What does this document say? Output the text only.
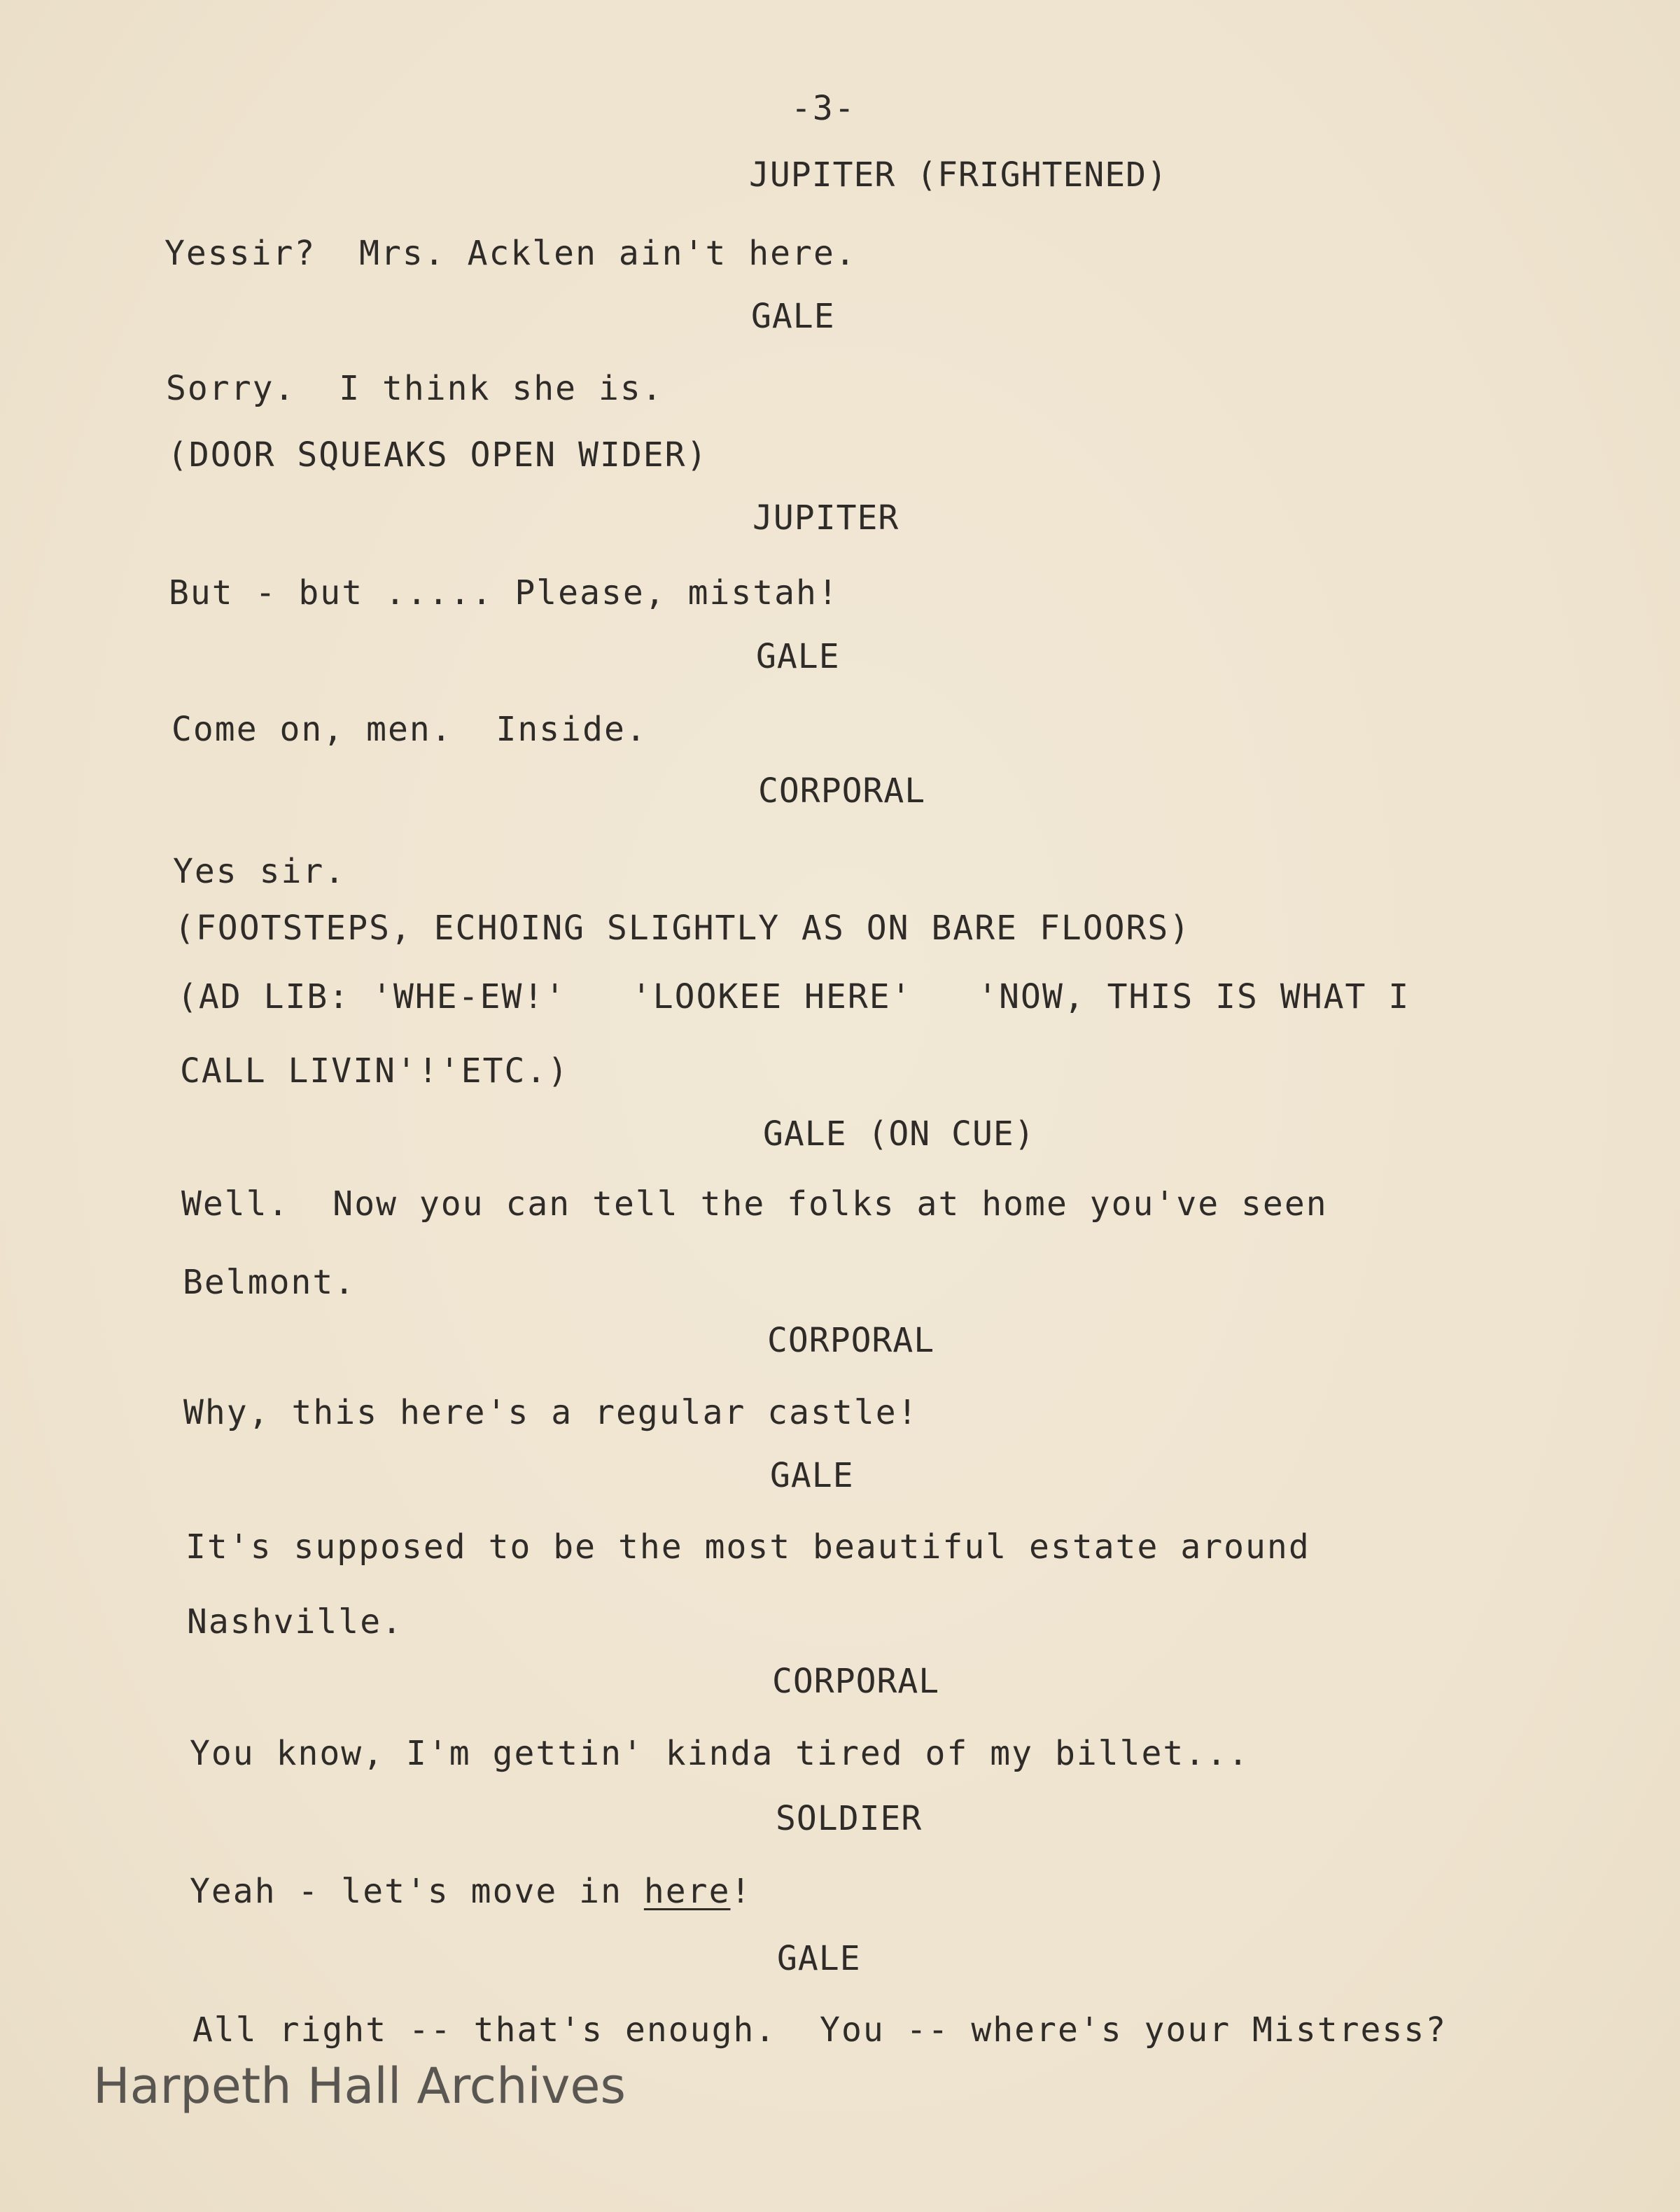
-3-
JUPITER (FRIGHTENED)
Yessir?  Mrs. Acklen ain't here.
GALE
Sorry.  I think she is.
(DOOR SQUEAKS OPEN WIDER)
JUPITER
But - but ..... Please, mistah!
GALE
Come on, men.  Inside.
CORPORAL
Yes sir.
(FOOTSTEPS, ECHOING SLIGHTLY AS ON BARE FLOORS)
(AD LIB: 'WHE-EW!'   'LOOKEE HERE'   'NOW, THIS IS WHAT I
CALL LIVIN'!'ETC.)
GALE (ON CUE)
Well.  Now you can tell the folks at home you've seen
Belmont.
CORPORAL
Why, this here's a regular castle!
GALE
It's supposed to be the most beautiful estate around
Nashville.
CORPORAL
You know, I'm gettin' kinda tired of my billet...
SOLDIER
Yeah - let's move in here!
GALE
All right -- that's enough.  You -- where's your Mistress?
Harpeth Hall Archives
